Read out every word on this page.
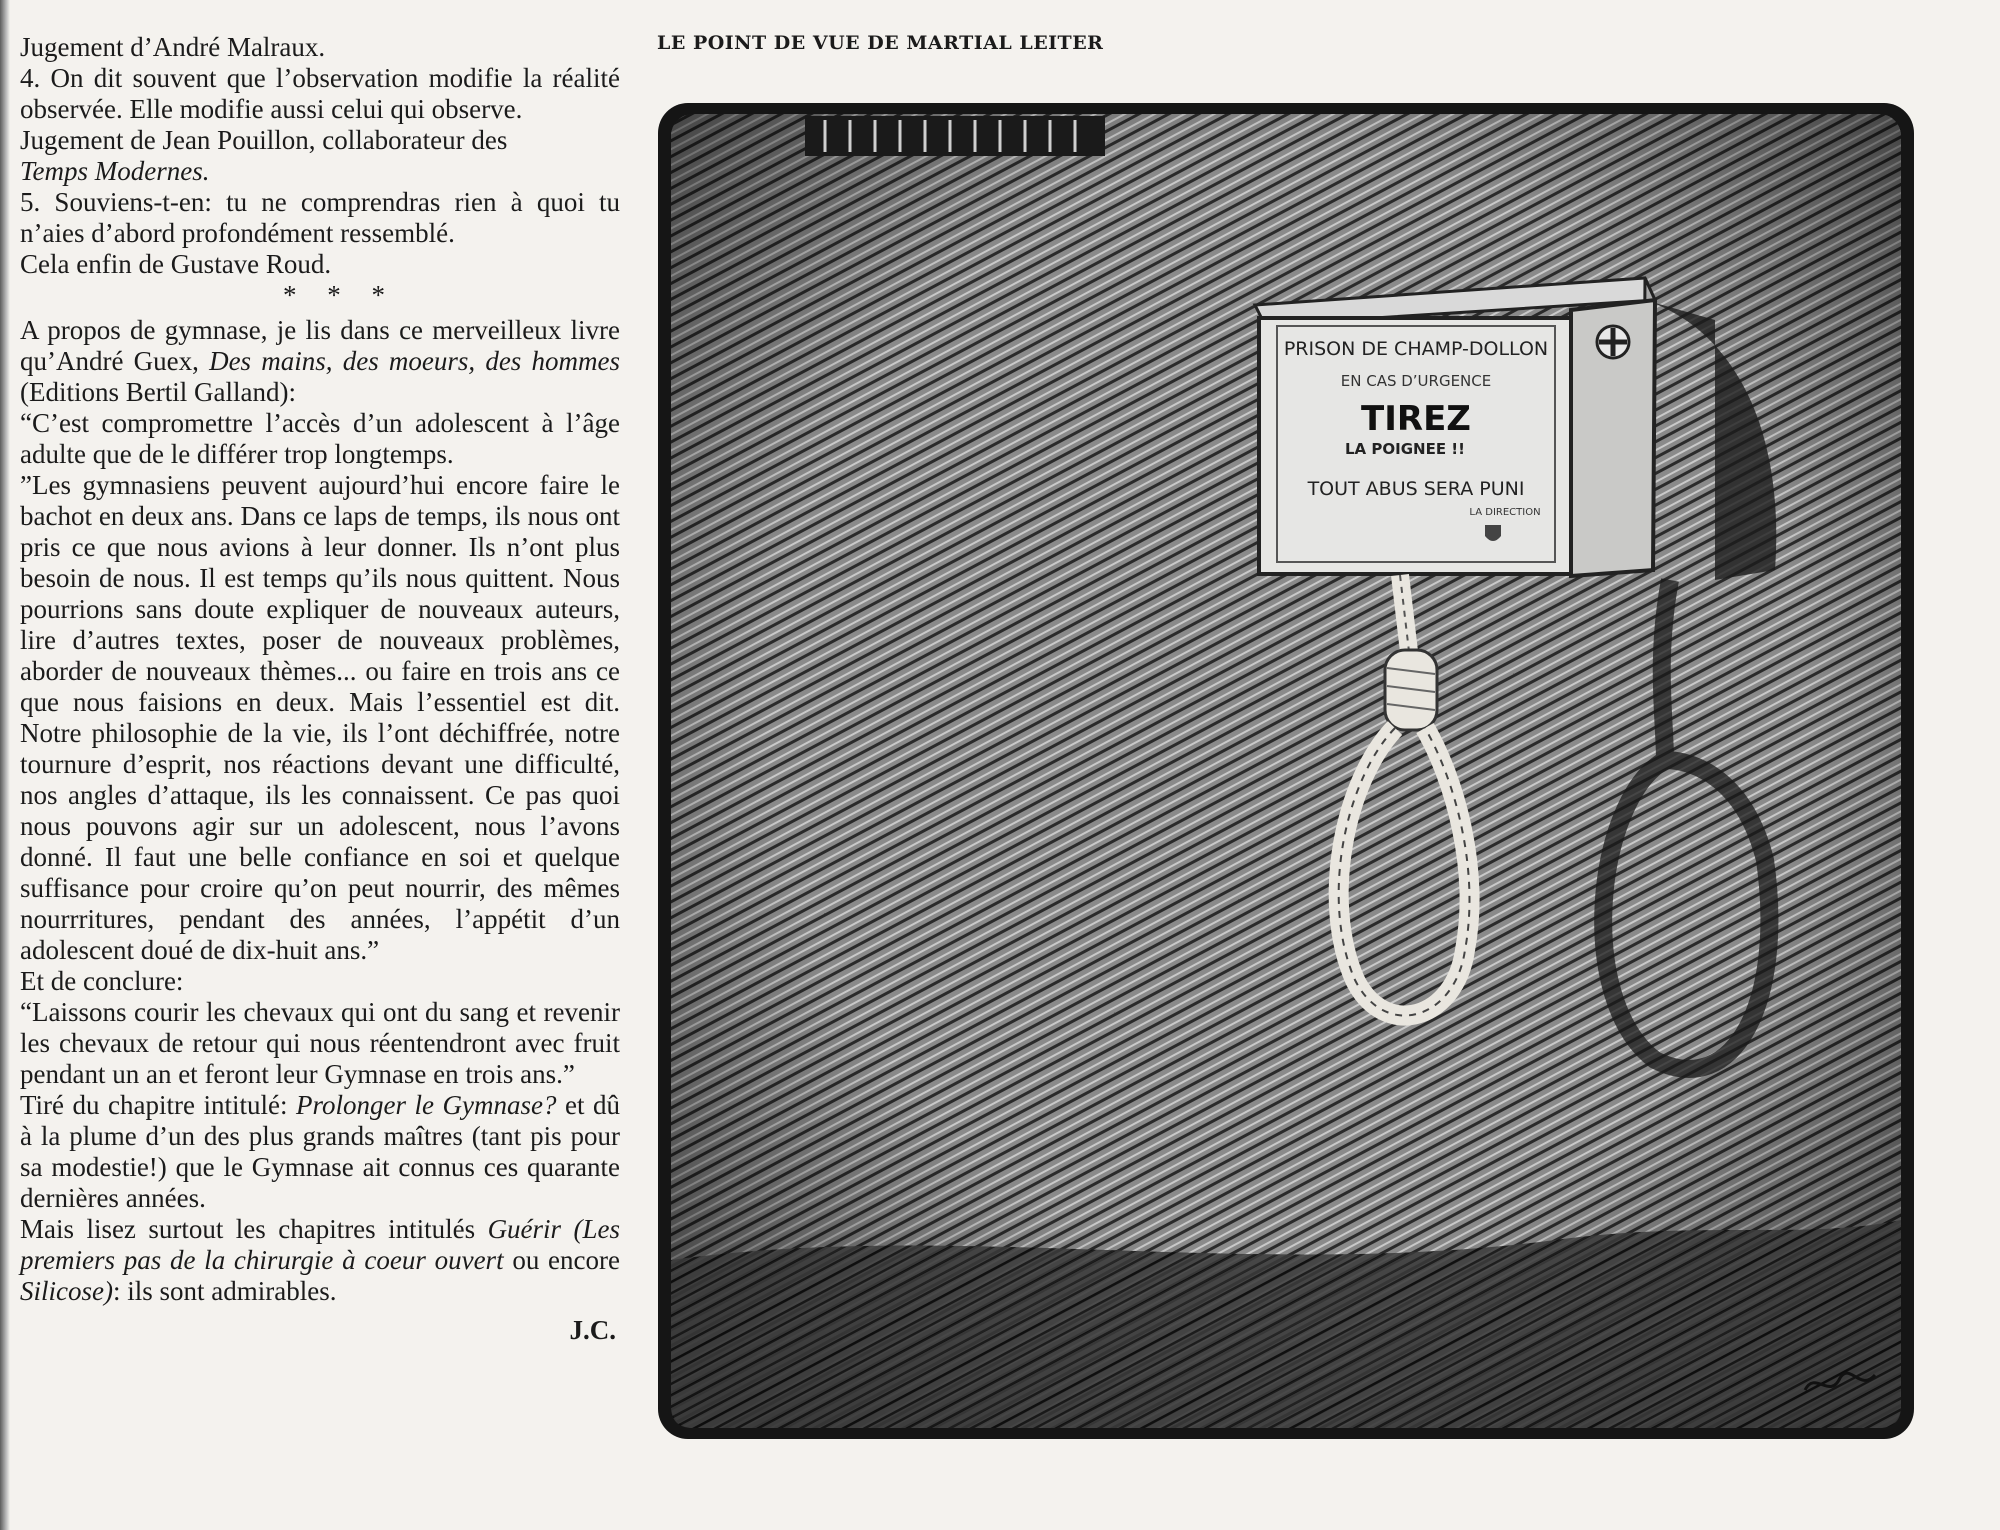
Jugement d’André Malraux.

4. On dit souvent que l’observation modifie la réalité observée. Elle modifie aussi celui qui observe.

Jugement de Jean Pouillon, collaborateur des

Temps Modernes.

5. Souviens-t-en: tu ne comprendras rien à quoi tu n’aies d’abord profondément ressemblé.

Cela enfin de Gustave Roud.

* * *

A propos de gymnase, je lis dans ce merveilleux livre qu’André Guex, Des mains, des moeurs, des hommes (Editions Bertil Galland):

“C’est compromettre l’accès d’un adolescent à l’âge adulte que de le différer trop longtemps.

”Les gymnasiens peuvent aujourd’hui encore faire le bachot en deux ans. Dans ce laps de temps, ils nous ont pris ce que nous avions à leur donner. Ils n’ont plus besoin de nous. Il est temps qu’ils nous quittent. Nous pourrions sans doute expliquer de nouveaux auteurs, lire d’autres textes, poser de nouveaux problèmes, aborder de nouveaux thèmes... ou faire en trois ans ce que nous faisions en deux. Mais l’essentiel est dit. Notre philosophie de la vie, ils l’ont déchiffrée, notre tournure d’esprit, nos réactions devant une difficulté, nos angles d’attaque, ils les connaissent. Ce pas quoi nous pouvons agir sur un adolescent, nous l’avons donné. Il faut une belle confiance en soi et quelque suffisance pour croire qu’on peut nourrir, des mêmes nourrritures, pendant des années, l’appétit d’un adolescent doué de dix-huit ans.”

Et de conclure:

“Laissons courir les chevaux qui ont du sang et revenir les chevaux de retour qui nous réentendront avec fruit pendant un an et feront leur Gymnase en trois ans.”

Tiré du chapitre intitulé: Prolonger le Gymnase? et dû à la plume d’un des plus grands maîtres (tant pis pour sa modestie!) que le Gymnase ait connus ces quarante dernières années.

Mais lisez surtout les chapitres intitulés Guérir (Les premiers pas de la chirurgie à coeur ouvert ou encore Silicose): ils sont admirables.

J.C.

LE POINT DE VUE DE MARTIAL LEITER
PRISON DE CHAMP-DOLLON
EN CAS D’URGENCE
TIREZ
LA POIGNEE !!
TOUT ABUS SERA PUNI
LA DIRECTION
